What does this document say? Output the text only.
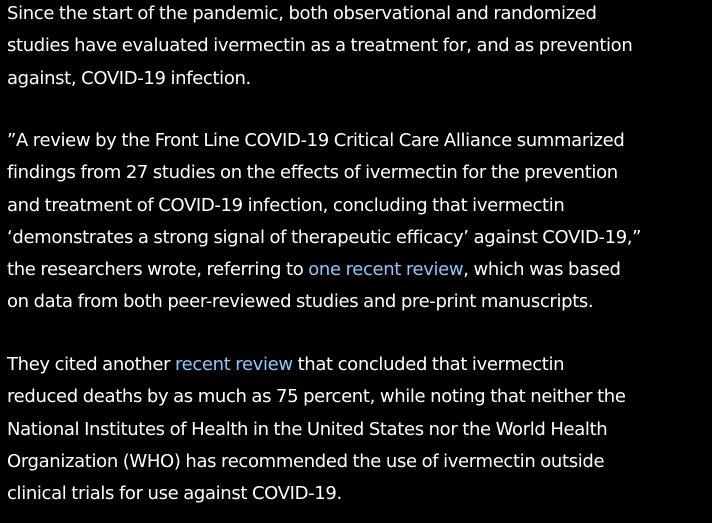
Since the start of the pandemic, both observational and randomized
studies have evaluated ivermectin as a treatment for, and as prevention
against, COVID-19 infection.

”A review by the Front Line COVID-19 Critical Care Alliance summarized
findings from 27 studies on the effects of ivermectin for the prevention
and treatment of COVID-19 infection, concluding that ivermectin
‘demonstrates a strong signal of therapeutic efficacy’ against COVID-19,”
the researchers wrote, referring to one recent review, which was based
on data from both peer-reviewed studies and pre-print manuscripts.

They cited another recent review that concluded that ivermectin
reduced deaths by as much as 75 percent, while noting that neither the
National Institutes of Health in the United States nor the World Health
Organization (WHO) has recommended the use of ivermectin outside
clinical trials for use against COVID-19.
